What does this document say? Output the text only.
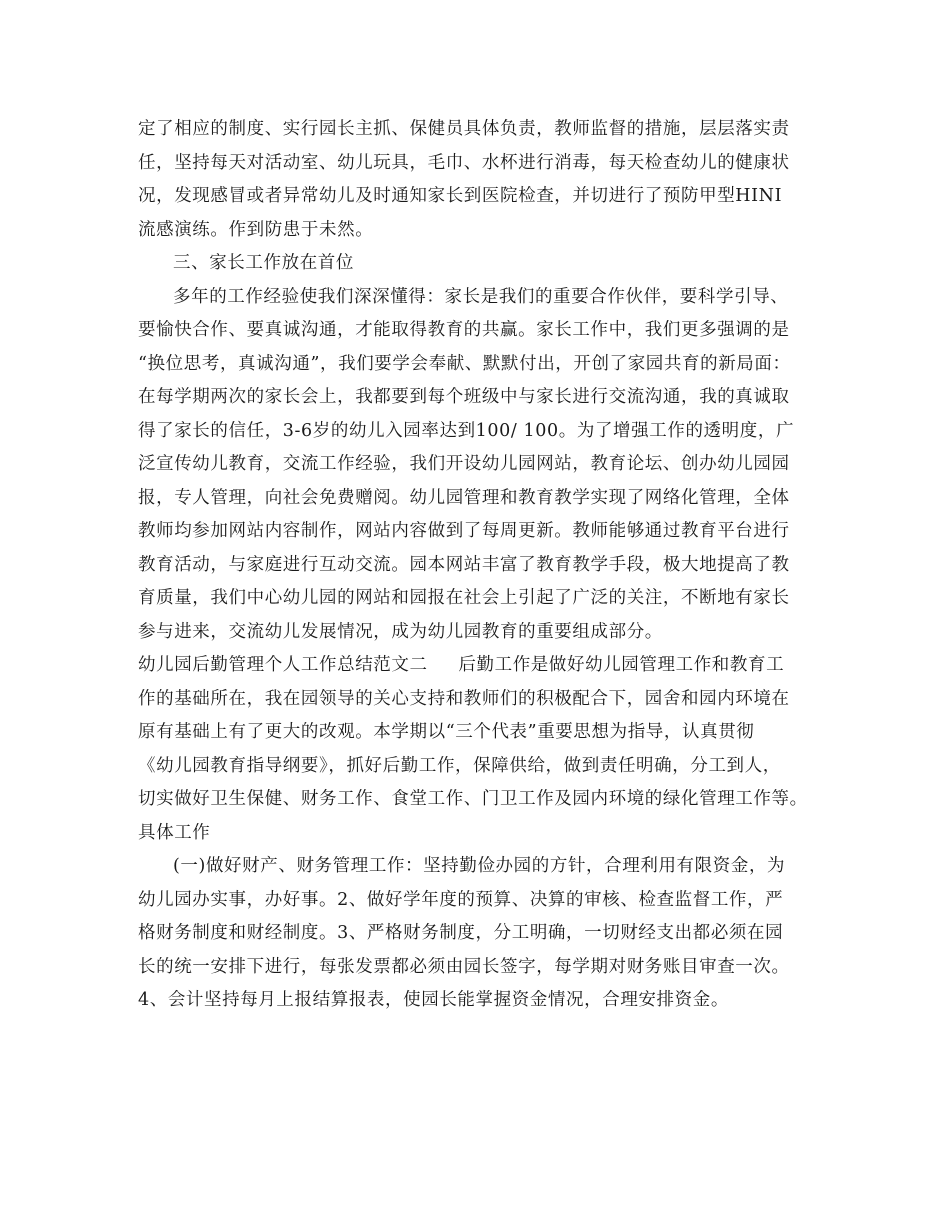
定了相应的制度、实行园长主抓、保健员具体负责，教师监督的措施，层层落实责
任，坚持每天对活动室、幼儿玩具，毛巾、水杯进行消毒，每天检查幼儿的健康状
况，发现感冒或者异常幼儿及时通知家长到医院检查，并切进行了预防甲型HINI
流感演练。作到防患于未然。
三、家长工作放在首位
多年的工作经验使我们深深懂得：家长是我们的重要合作伙伴，要科学引导、
要愉快合作、要真诚沟通，才能取得教育的共赢。家长工作中，我们更多强调的是
“换位思考，真诚沟通”，我们要学会奉献、默默付出，开创了家园共育的新局面：
在每学期两次的家长会上，我都要到每个班级中与家长进行交流沟通，我的真诚取
得了家长的信任，3-6岁的幼儿入园率达到100/ 100。为了增强工作的透明度，广
泛宣传幼儿教育，交流工作经验，我们开设幼儿园网站，教育论坛、创办幼儿园园
报，专人管理，向社会免费赠阅。幼儿园管理和教育教学实现了网络化管理，全体
教师均参加网站内容制作，网站内容做到了每周更新。教师能够通过教育平台进行
教育活动，与家庭进行互动交流。园本网站丰富了教育教学手段，极大地提高了教
育质量，我们中心幼儿园的网站和园报在社会上引起了广泛的关注，不断地有家长
参与进来，交流幼儿发展情况，成为幼儿园教育的重要组成部分。
幼儿园后勤管理个人工作总结范文二     后勤工作是做好幼儿园管理工作和教育工
作的基础所在，我在园领导的关心支持和教师们的积极配合下，园舍和园内环境在
原有基础上有了更大的改观。本学期以“三个代表”重要思想为指导，认真贯彻
《幼儿园教育指导纲要》，抓好后勤工作，保障供给，做到责任明确，分工到人，
切实做好卫生保健、财务工作、食堂工作、门卫工作及园内环境的绿化管理工作等。
具体工作
(一)做好财产、财务管理工作：坚持勤俭办园的方针，合理利用有限资金，为
幼儿园办实事，办好事。2、做好学年度的预算、决算的审核、检查监督工作，严
格财务制度和财经制度。3、严格财务制度，分工明确，一切财经支出都必须在园
长的统一安排下进行，每张发票都必须由园长签字，每学期对财务账目审查一次。
4、会计坚持每月上报结算报表，使园长能掌握资金情况，合理安排资金。
